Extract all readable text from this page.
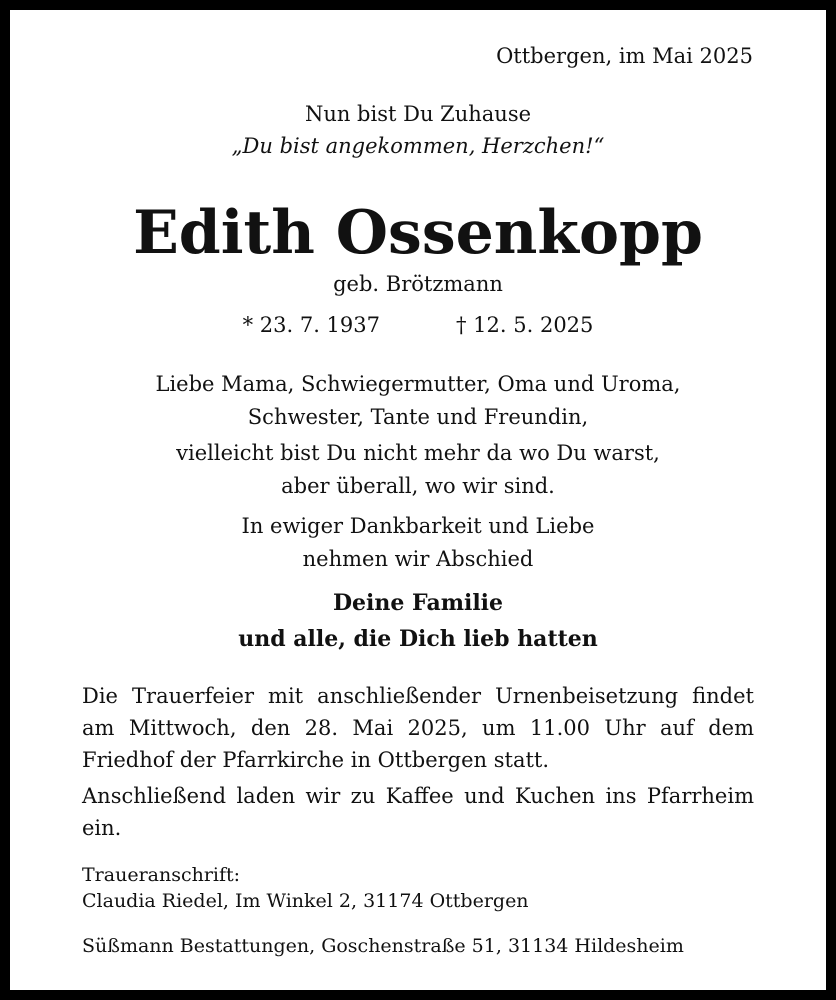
Ottbergen, im Mai 2025
Nun bist Du Zuhause
„Du bist angekommen, Herzchen!“
Edith Ossenkopp
geb. Brötzmann
* 23. 7. 1937	† 12. 5. 2025
Liebe Mama, Schwiegermutter, Oma und Uroma,
Schwester, Tante und Freundin,
vielleicht bist Du nicht mehr da wo Du warst,
aber überall, wo wir sind.
In ewiger Dankbarkeit und Liebe
nehmen wir Abschied
Deine Familie
und alle, die Dich lieb hatten

Die Trauerfeier mit anschließender Urnenbeisetzung findet am Mittwoch, den 28. Mai 2025, um 11.00 Uhr auf dem Friedhof der Pfarrkirche in Ottbergen statt.

Anschließend laden wir zu Kaffee und Kuchen ins Pfarrheim ein.

Traueranschrift:
Claudia Riedel, Im Winkel 2, 31174 Ottbergen
Süßmann Bestattungen, Goschenstraße 51, 31134 Hildesheim
